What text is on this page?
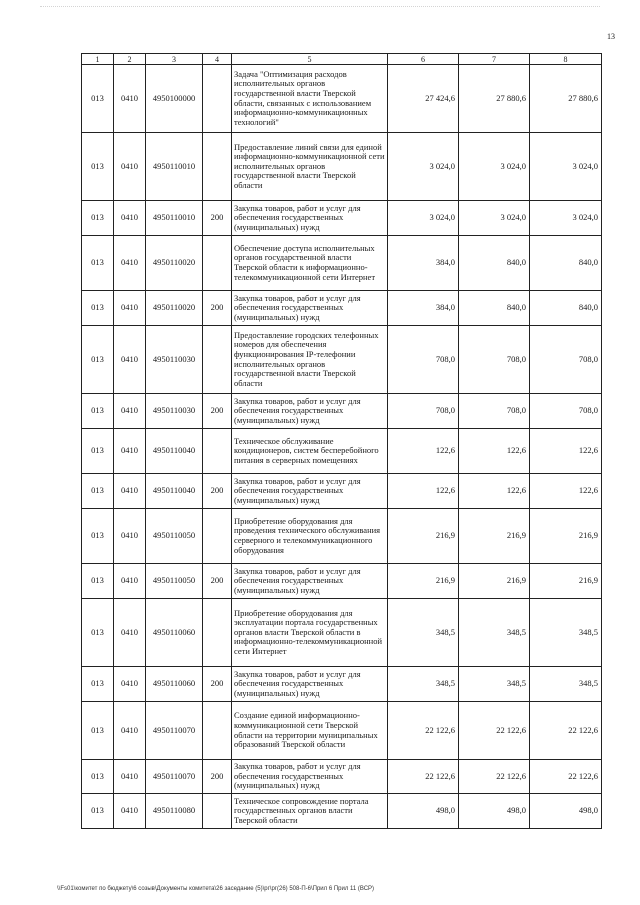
13
1	2	3	4	5	6	7	8
013	0410	4950100000		Задача "Оптимизация расходов исполнительных органов государственной власти Тверской области, связанных с использованием информационно-коммуникационных технологий"	27 424,6	27 880,6	27 880,6
013	0410	4950110010		Предоставление линий связи для единой информационно-коммуникационной сети исполнительных органов государственной власти Тверской области	3 024,0	3 024,0	3 024,0
013	0410	4950110010	200	Закупка товаров, работ и услуг для обеспечения государственных (муниципальных) нужд	3 024,0	3 024,0	3 024,0
013	0410	4950110020		Обеспечение доступа исполнительных органов государственной власти Тверской области к информационно-телекоммуникационной сети Интернет	384,0	840,0	840,0
013	0410	4950110020	200	Закупка товаров, работ и услуг для обеспечения государственных (муниципальных) нужд	384,0	840,0	840,0
013	0410	4950110030		Предоставление городских телефонных номеров для обеспечения функционирования IP-телефонии исполнительных органов государственной власти Тверской области	708,0	708,0	708,0
013	0410	4950110030	200	Закупка товаров, работ и услуг для обеспечения государственных (муниципальных) нужд	708,0	708,0	708,0
013	0410	4950110040		Техническое обслуживание кондиционеров, систем бесперебойного питания в серверных помещениях	122,6	122,6	122,6
013	0410	4950110040	200	Закупка товаров, работ и услуг для обеспечения государственных (муниципальных) нужд	122,6	122,6	122,6
013	0410	4950110050		Приобретение оборудования для проведения технического обслуживания серверного и телекоммуникационного оборудования	216,9	216,9	216,9
013	0410	4950110050	200	Закупка товаров, работ и услуг для обеспечения государственных (муниципальных) нужд	216,9	216,9	216,9
013	0410	4950110060		Приобретение оборудования для эксплуатации портала государственных органов власти Тверской области в информационно-телекоммуникационной сети Интернет	348,5	348,5	348,5
013	0410	4950110060	200	Закупка товаров, работ и услуг для обеспечения государственных (муниципальных) нужд	348,5	348,5	348,5
013	0410	4950110070		Создание единой информационно-коммуникационной сети Тверской области на территории муниципальных образований Тверской области	22 122,6	22 122,6	22 122,6
013	0410	4950110070	200	Закупка товаров, работ и услуг для обеспечения государственных (муниципальных) нужд	22 122,6	22 122,6	22 122,6
013	0410	4950110080		Техническое сопровождение портала государственных органов власти Тверской области	498,0	498,0	498,0
\\Fs01\комитет по бюджету\6 созыв\Документы комитета\26 заседание (5)\рг\рг(26) 508-П-6\Прил 6 Прил 11 (ВСР)
